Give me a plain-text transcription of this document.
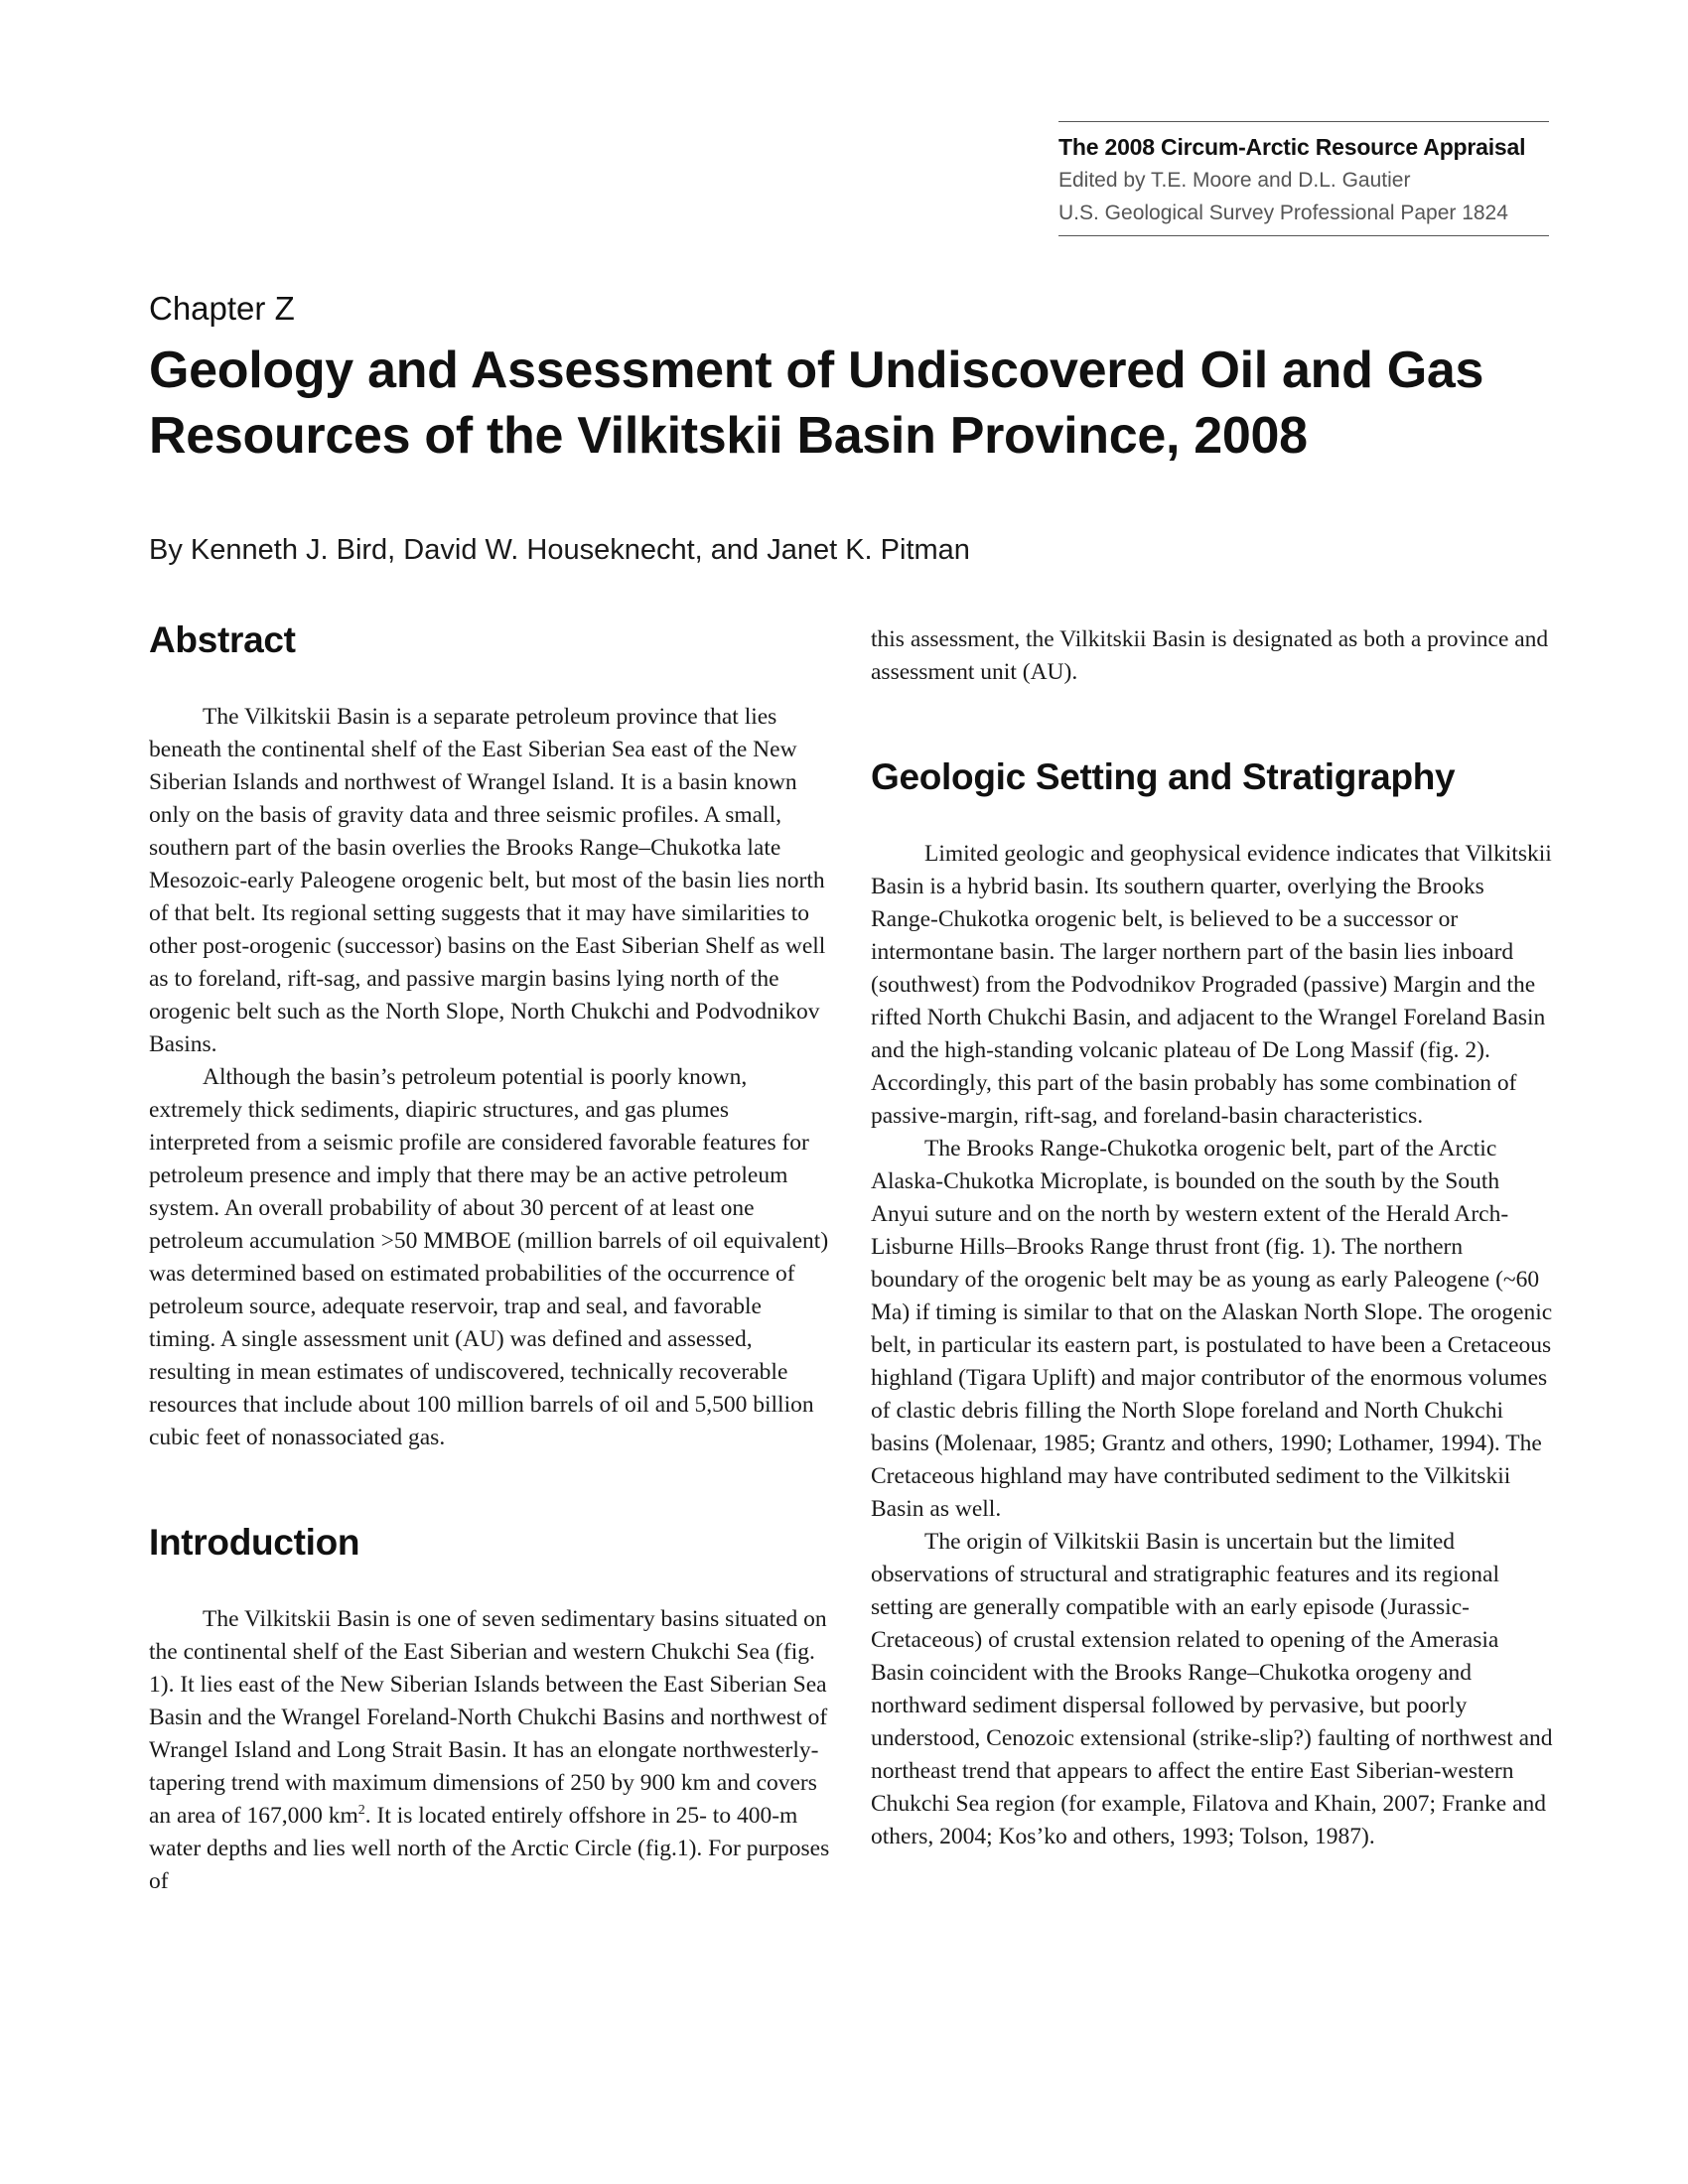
The 2008 Circum-Arctic Resource Appraisal
Edited by T.E. Moore and D.L. Gautier
U.S. Geological Survey Professional Paper 1824
Chapter Z
Geology and Assessment of Undiscovered Oil and Gas
Resources of the Vilkitskii Basin Province, 2008
By Kenneth J. Bird, David W. Houseknecht, and Janet K. Pitman
Abstract

The Vilkitskii Basin is a separate petroleum province that lies beneath the continental shelf of the East Siberian Sea east of the New Siberian Islands and northwest of Wrangel Island. It is a basin known only on the basis of gravity data and three seismic profiles. A small, southern part of the basin overlies the Brooks Range–Chukotka late Mesozoic-early Paleogene orogenic belt, but most of the basin lies north of that belt. Its regional setting suggests that it may have similarities to other post-orogenic (successor) basins on the East Siberian Shelf as well as to foreland, rift-sag, and passive margin basins lying north of the orogenic belt such as the North Slope, North Chukchi and Podvodnikov Basins.

Although the basin’s petroleum potential is poorly known, extremely thick sediments, diapiric structures, and gas plumes interpreted from a seismic profile are considered favorable features for petroleum presence and imply that there may be an active petroleum system. An overall probability of about 30 percent of at least one petroleum accumulation >50 MMBOE (million barrels of oil equivalent) was determined based on estimated probabilities of the occurrence of petroleum source, adequate reservoir, trap and seal, and favorable timing. A single assessment unit (AU) was defined and assessed, resulting in mean estimates of undiscovered, technically recoverable resources that include about 100 million barrels of oil and 5,500 billion cubic feet of nonassociated gas.

Introduction

The Vilkitskii Basin is one of seven sedimentary basins situated on the continental shelf of the East Siberian and western Chukchi Sea (fig. 1). It lies east of the New Siberian Islands between the East Siberian Sea Basin and the Wrangel Foreland-North Chukchi Basins and northwest of Wrangel Island and Long Strait Basin. It has an elongate northwesterly-tapering trend with maximum dimensions of 250 by 900 km and covers an area of 167,000 $km^2$. It is located entirely offshore in 25- to 400-m water depths and lies well north of the Arctic Circle (fig.1). For purposes of

this assessment, the Vilkitskii Basin is designated as both a province and assessment unit (AU).

Geologic Setting and Stratigraphy

Limited geologic and geophysical evidence indicates that Vilkitskii Basin is a hybrid basin. Its southern quarter, overlying the Brooks Range-Chukotka orogenic belt, is believed to be a successor or intermontane basin. The larger northern part of the basin lies inboard (southwest) from the Podvodnikov Prograded (passive) Margin and the rifted North Chukchi Basin, and adjacent to the Wrangel Foreland Basin and the high-standing volcanic plateau of De Long Massif (fig. 2). Accordingly, this part of the basin probably has some combination of passive-margin, rift-sag, and foreland-basin characteristics.

The Brooks Range-Chukotka orogenic belt, part of the Arctic Alaska-Chukotka Microplate, is bounded on the south by the South Anyui suture and on the north by western extent of the Herald Arch-Lisburne Hills–Brooks Range thrust front (fig. 1). The northern boundary of the orogenic belt may be as young as early Paleogene (~60 Ma) if timing is similar to that on the Alaskan North Slope. The orogenic belt, in particular its eastern part, is postulated to have been a Cretaceous highland (Tigara Uplift) and major contributor of the enormous volumes of clastic debris filling the North Slope foreland and North Chukchi basins (Molenaar, 1985; Grantz and others, 1990; Lothamer, 1994). The Cretaceous highland may have contributed sediment to the Vilkitskii Basin as well.

The origin of Vilkitskii Basin is uncertain but the limited observations of structural and stratigraphic features and its regional setting are generally compatible with an early episode (Jurassic-Cretaceous) of crustal extension related to opening of the Amerasia Basin coincident with the Brooks Range–Chukotka orogeny and northward sediment dispersal followed by pervasive, but poorly understood, Cenozoic extensional (strike-slip?) faulting of northwest and northeast trend that appears to affect the entire East Siberian-western Chukchi Sea region (for example, Filatova and Khain, 2007; Franke and others, 2004; Kos’ko and others, 1993; Tolson, 1987).
